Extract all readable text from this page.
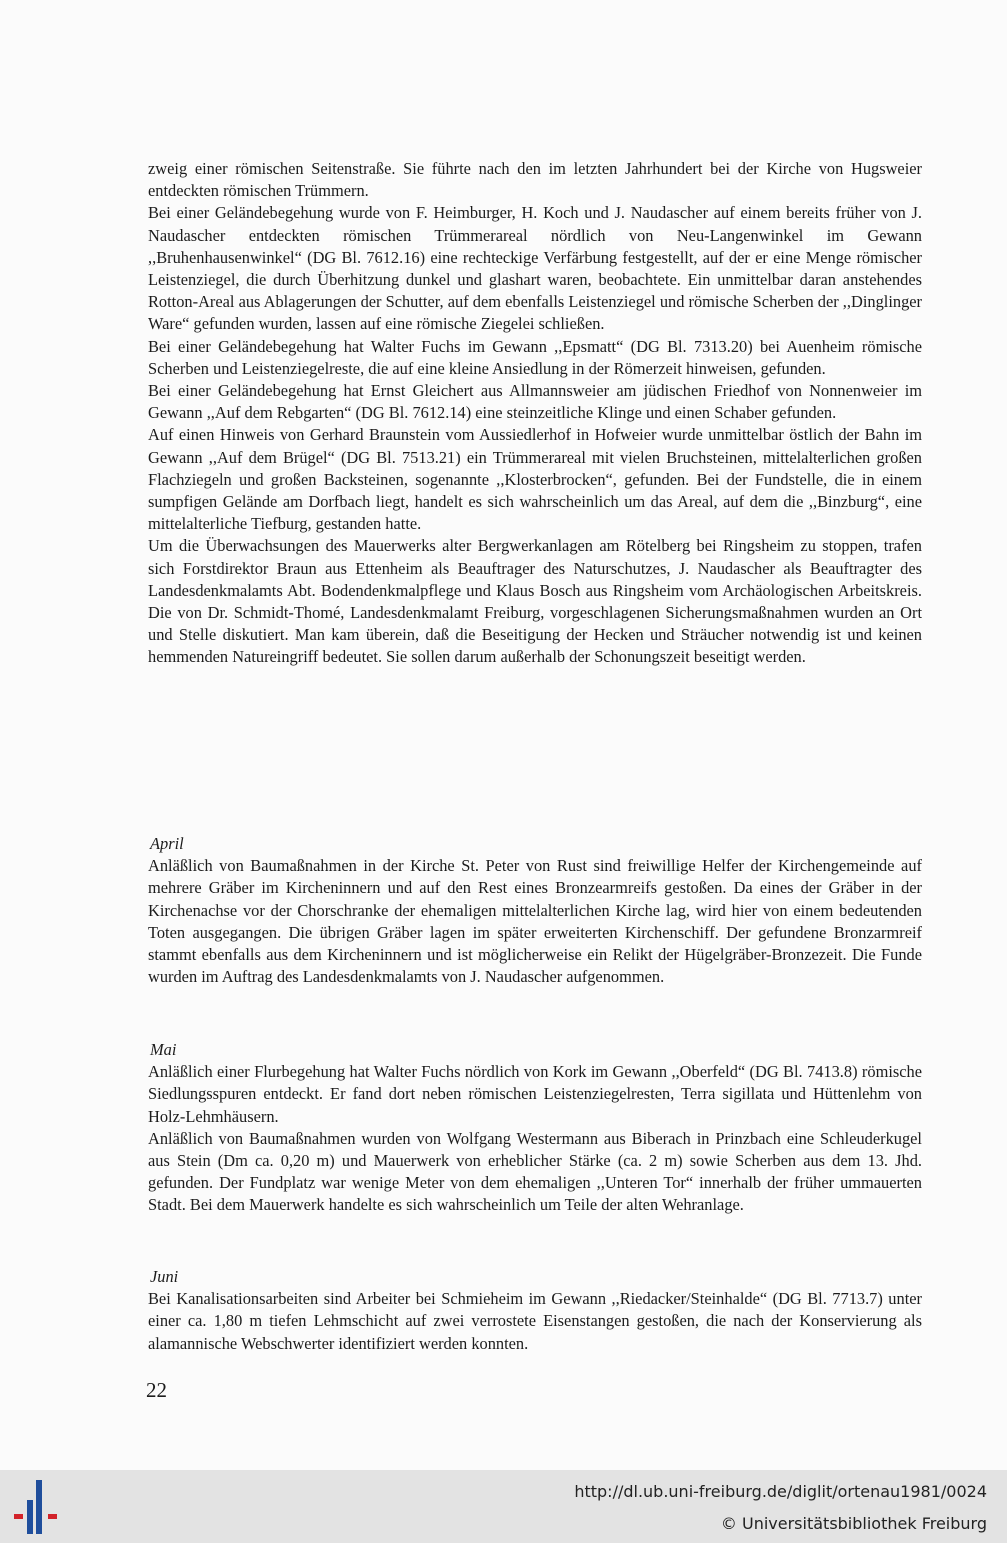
zweig einer römischen Seitenstraße. Sie führte nach den im letzten Jahrhundert bei der Kirche von Hugsweier entdeckten römischen Trümmern.

Bei einer Geländebegehung wurde von F. Heimburger, H. Koch und J. Naudascher auf einem bereits früher von J. Naudascher entdeckten römischen Trümmerareal nördlich von Neu-Langenwinkel im Gewann ,,Bruhenhausenwinkel“ (DG Bl. 7612.16) eine rechteckige Verfärbung festgestellt, auf der er eine Menge römischer Leistenziegel, die durch Überhitzung dunkel und glashart waren, beobachtete. Ein unmittelbar daran anstehendes Rotton-Areal aus Ablagerungen der Schutter, auf dem ebenfalls Leistenziegel und römische Scherben der ,,Dinglinger Ware“ gefunden wurden, lassen auf eine römische Ziegelei schließen.

Bei einer Geländebegehung hat Walter Fuchs im Gewann ,,Epsmatt“ (DG Bl. 7313.20) bei Auenheim römische Scherben und Leistenziegelreste, die auf eine kleine Ansiedlung in der Römerzeit hinweisen, gefunden.

Bei einer Geländebegehung hat Ernst Gleichert aus Allmannsweier am jüdischen Friedhof von Nonnenweier im Gewann ,,Auf dem Rebgarten“ (DG Bl. 7612.14) eine steinzeitliche Klinge und einen Schaber gefunden.

Auf einen Hinweis von Gerhard Braunstein vom Aussiedlerhof in Hofweier wurde unmittelbar östlich der Bahn im Gewann ,,Auf dem Brügel“ (DG Bl. 7513.21) ein Trümmerareal mit vielen Bruchsteinen, mittelalterlichen großen Flachziegeln und großen Backsteinen, sogenannte ,,Klosterbrocken“, gefunden. Bei der Fundstelle, die in einem sumpfigen Gelände am Dorfbach liegt, handelt es sich wahrscheinlich um das Areal, auf dem die ,,Binzburg“, eine mittelalterliche Tiefburg, gestanden hatte.

Um die Überwachsungen des Mauerwerks alter Bergwerkanlagen am Rötelberg bei Ringsheim zu stoppen, trafen sich Forstdirektor Braun aus Ettenheim als Beauftrager des Naturschutzes, J. Naudascher als Beauftragter des Landesdenkmalamts Abt. Bodendenkmalpflege und Klaus Bosch aus Ringsheim vom Archäologischen Arbeitskreis. Die von Dr. Schmidt-Thomé, Landesdenkmalamt Freiburg, vorgeschlagenen Sicherungsmaßnahmen wurden an Ort und Stelle diskutiert. Man kam überein, daß die Beseitigung der Hecken und Sträucher notwendig ist und keinen hemmenden Natureingriff bedeutet. Sie sollen darum außerhalb der Schonungszeit beseitigt werden.

April

Anläßlich von Baumaßnahmen in der Kirche St. Peter von Rust sind freiwillige Helfer der Kirchengemeinde auf mehrere Gräber im Kircheninnern und auf den Rest eines Bronzearmreifs gestoßen. Da eines der Gräber in der Kirchenachse vor der Chorschranke der ehemaligen mittelalterlichen Kirche lag, wird hier von einem bedeutenden Toten ausgegangen. Die übrigen Gräber lagen im später erweiterten Kirchenschiff. Der gefundene Bronzarmreif stammt ebenfalls aus dem Kircheninnern und ist möglicherweise ein Relikt der Hügelgräber-Bronzezeit. Die Funde wurden im Auftrag des Landesdenkmalamts von J. Naudascher aufgenommen.

Mai

Anläßlich einer Flurbegehung hat Walter Fuchs nördlich von Kork im Gewann ,,Oberfeld“ (DG Bl. 7413.8) römische Siedlungsspuren entdeckt. Er fand dort neben römischen Leistenziegelresten, Terra sigillata und Hüttenlehm von Holz-Lehmhäusern.

Anläßlich von Baumaßnahmen wurden von Wolfgang Westermann aus Biberach in Prinzbach eine Schleuderkugel aus Stein (Dm ca. 0,20 m) und Mauerwerk von erheblicher Stärke (ca. 2 m) sowie Scherben aus dem 13. Jhd. gefunden. Der Fundplatz war wenige Meter von dem ehemaligen ,,Unteren Tor“ innerhalb der früher ummauerten Stadt. Bei dem Mauerwerk handelte es sich wahrscheinlich um Teile der alten Wehranlage.

Juni

Bei Kanalisationsarbeiten sind Arbeiter bei Schmieheim im Gewann ,,Riedacker/Steinhalde“ (DG Bl. 7713.7) unter einer ca. 1,80 m tiefen Lehmschicht auf zwei verrostete Eisenstangen gestoßen, die nach der Konservierung als alamannische Webschwerter identifiziert werden konnten.

22
http://dl.ub.uni-freiburg.de/diglit/ortenau1981/0024
© Universitätsbibliothek Freiburg
